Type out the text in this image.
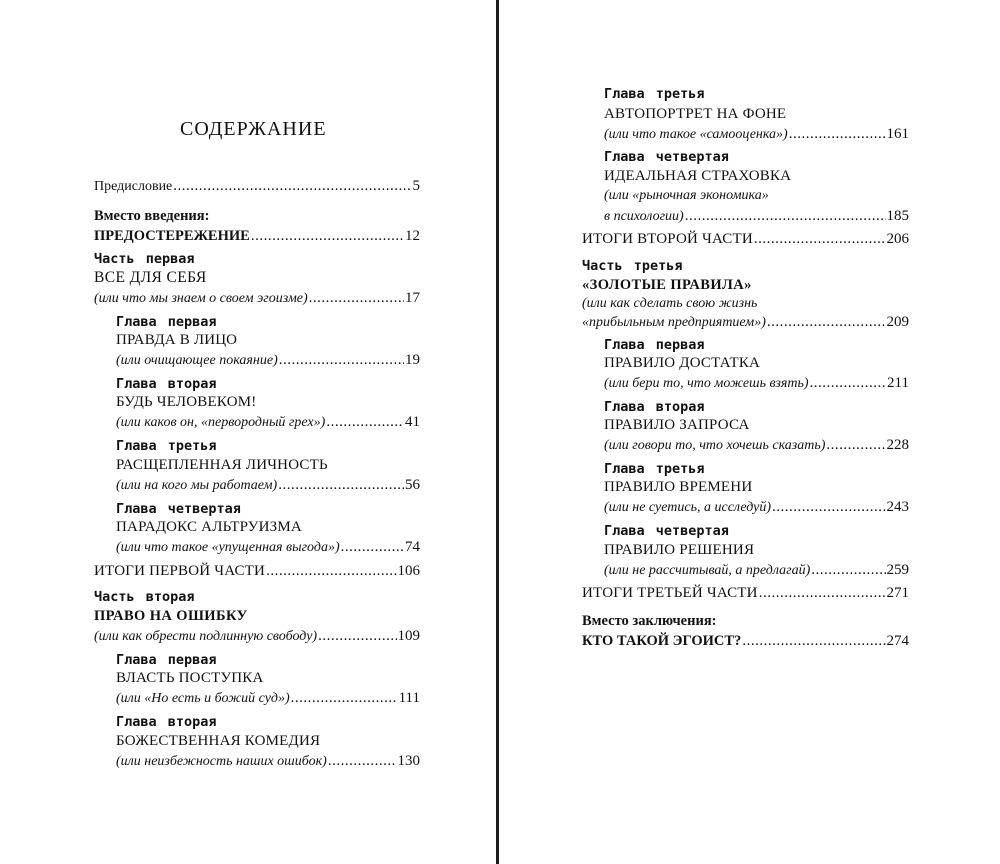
СОДЕРЖАНИЕ
Предисловие .....	5
Вместо введения:
ПРЕДОСТЕРЕЖЕНИЕ .....	12
Часть первая
ВСЕ ДЛЯ СЕБЯ
(или что мы знаем о своем эгоизме) .....	17
Глава первая
ПРАВДА В ЛИЦО
(или очищающее покаяние) .....	19
Глава вторая
БУДЬ ЧЕЛОВЕКОМ!
(или каков он, «первородный грех») .....	41
Глава третья
РАСЩЕПЛЕННАЯ ЛИЧНОСТЬ
(или на кого мы работаем) .....	56
Глава четвертая
ПАРАДОКС АЛЬТРУИЗМА
(или что такое «упущенная выгода») .....	74
ИТОГИ ПЕРВОЙ ЧАСТИ .....	106
Часть вторая
ПРАВО НА ОШИБКУ
(или как обрести подлинную свободу) .....	109
Глава первая
ВЛАСТЬ ПОСТУПКА
(или «Но есть и божий суд») .....	111
Глава вторая
БОЖЕСТВЕННАЯ КОМЕДИЯ
(или неизбежность наших ошибок) .....	130
Глава третья
АВТОПОРТРЕТ НА ФОНЕ
(или что такое «самооценка») .....	161
Глава четвертая
ИДЕАЛЬНАЯ СТРАХОВКА
(или «рыночная экономика»
в психологии) .....	185
ИТОГИ ВТОРОЙ ЧАСТИ .....	206
Часть третья
«ЗОЛОТЫЕ ПРАВИЛА»
(или как сделать свою жизнь
«прибыльным предприятием») .....	209
Глава первая
ПРАВИЛО ДОСТАТКА
(или бери то, что можешь взять) .....	211
Глава вторая
ПРАВИЛО ЗАПРОСА
(или говори то, что хочешь сказать) .....	228
Глава третья
ПРАВИЛО ВРЕМЕНИ
(или не суетись, а исследуй) .....	243
Глава четвертая
ПРАВИЛО РЕШЕНИЯ
(или не рассчитывай, а предлагай) .....	259
ИТОГИ ТРЕТЬЕЙ ЧАСТИ .....	271
Вместо заключения:
КТО ТАКОЙ ЭГОИСТ? .....	274
